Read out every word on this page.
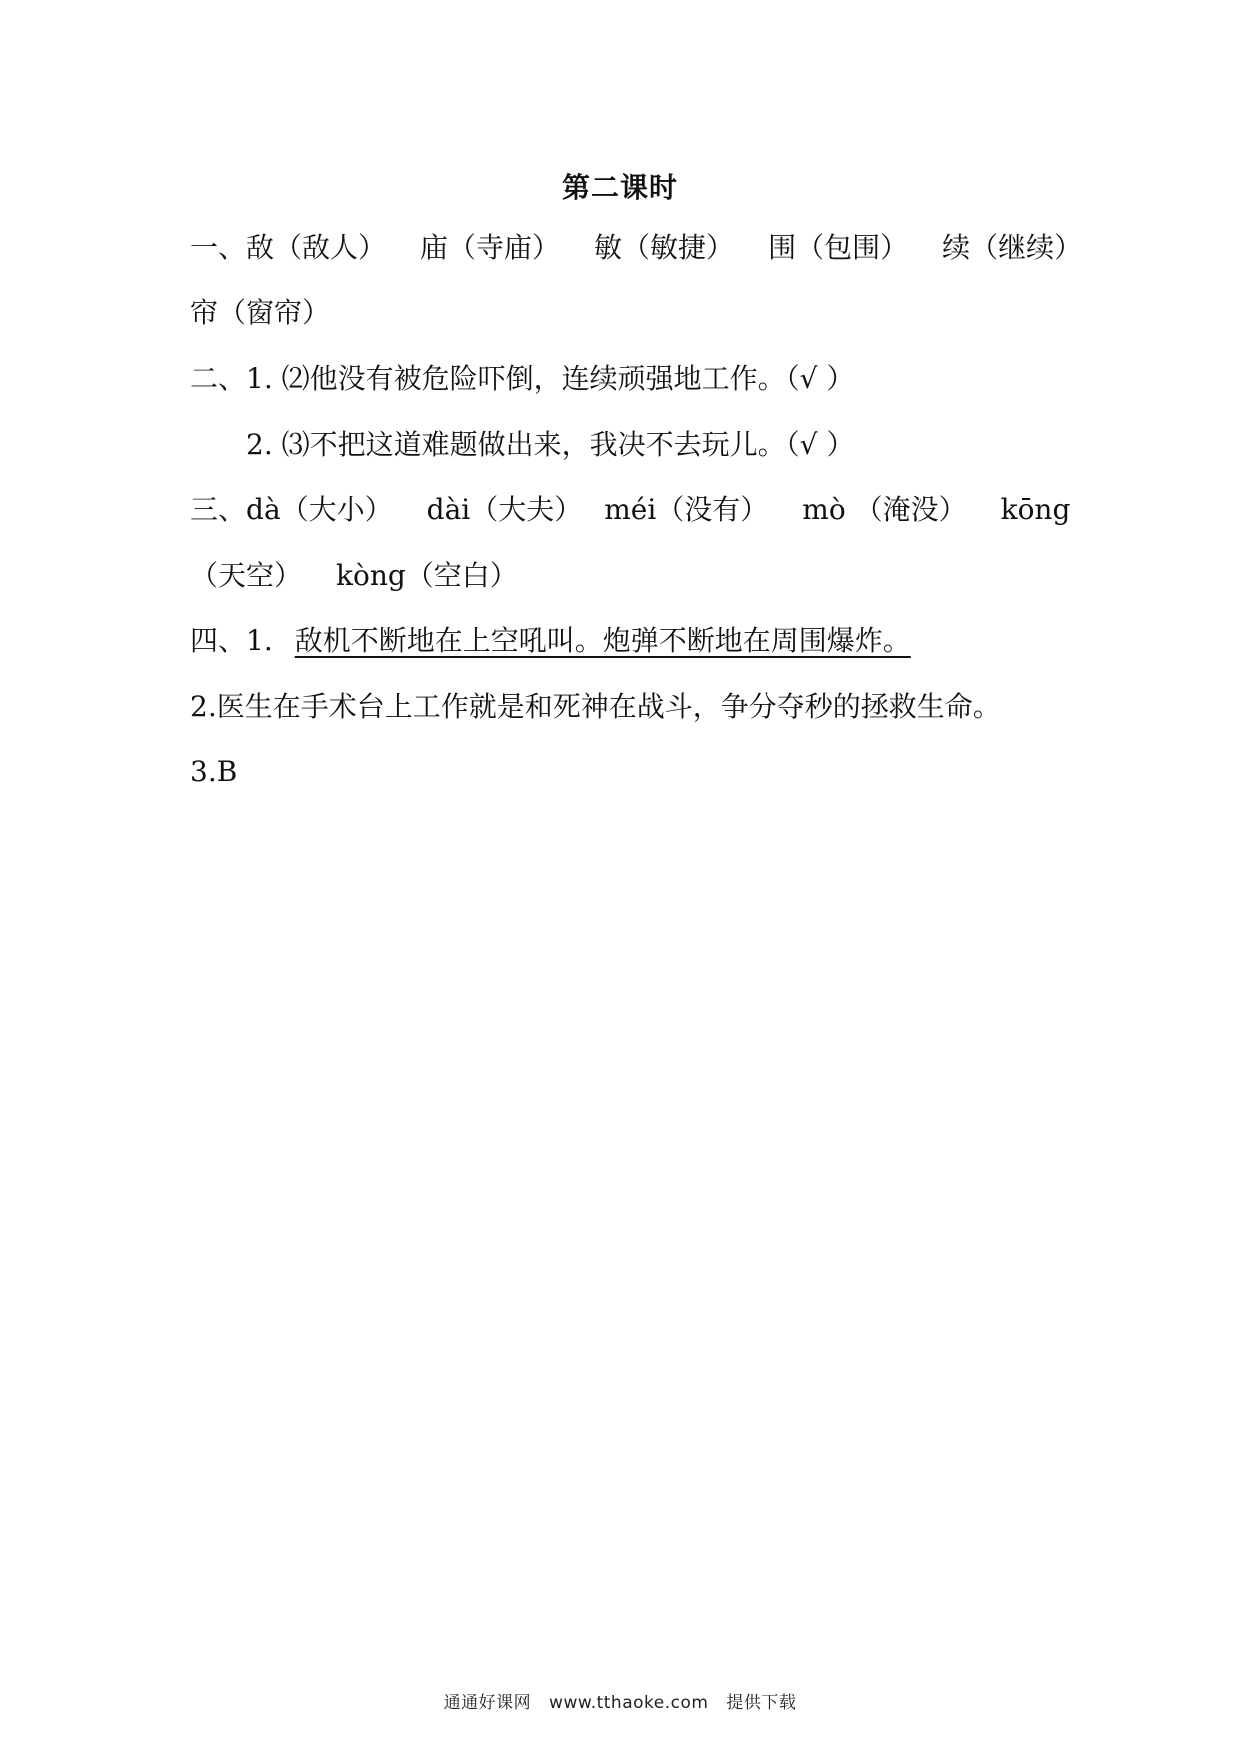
第二课时
一、敌（敌人） 庙（寺庙） 敏（敏捷） 围（包围） 续（继续）
帘（窗帘）
二、1. ⑵他没有被危险吓倒，连续顽强地工作。（√ ）
2. ⑶不把这道难题做出来，我决不去玩儿。（√ ）
三、dà（大小） dài（大夫） méi（没有） mò （淹没） kōng
（天空） kòng（空白）
四、1. 敌机不断地在上空吼叫。炮弹不断地在周围爆炸。
2.医生在手术台上工作就是和死神在战斗，争分夺秒的拯救生命。
3.B
通通好课网 www.tthaoke.com 提供下载
